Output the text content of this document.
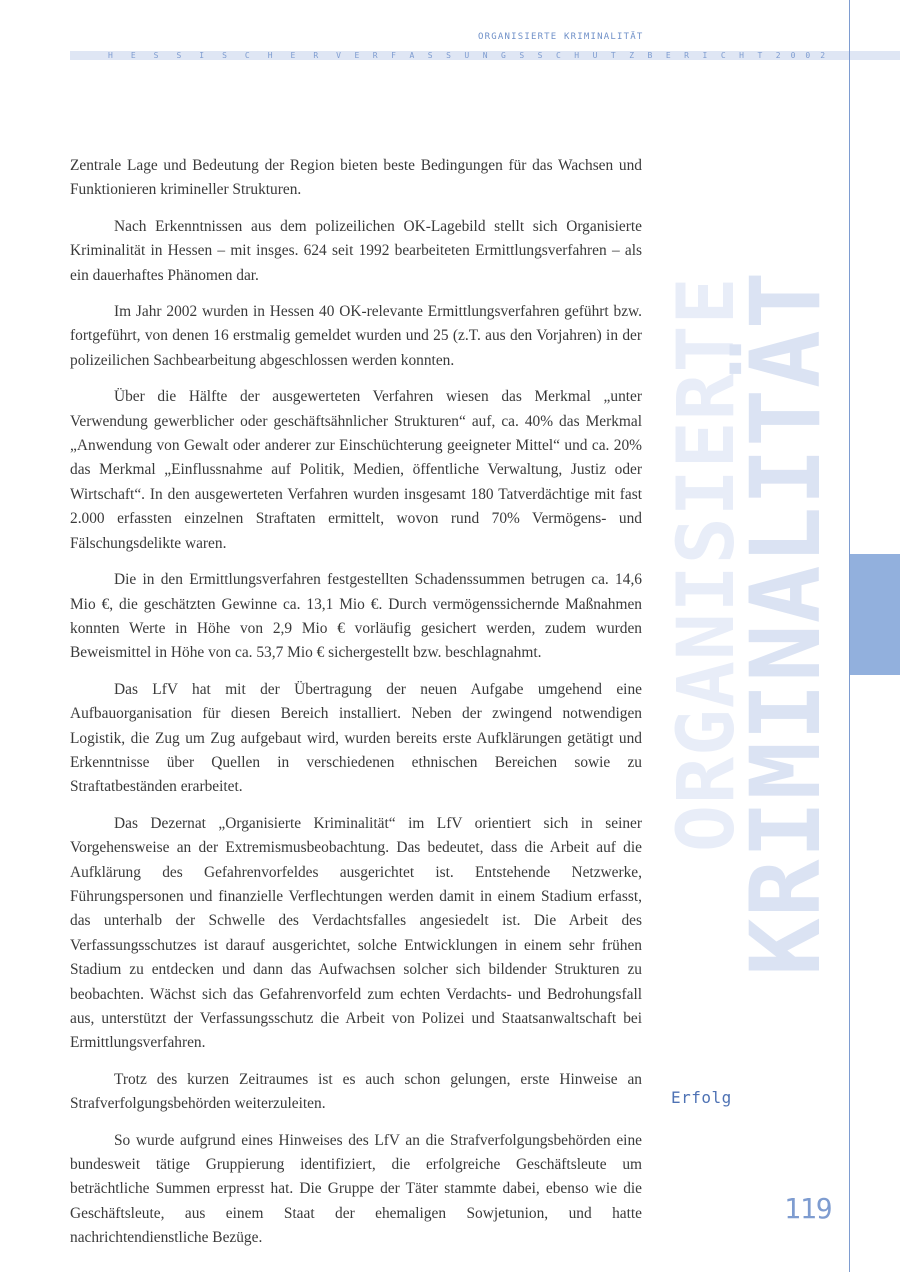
ORGANISIERTE KRIMINALITÄT
HESSISCHER VERFASSUNGSSCHUTZBERICHT 2002
ORGANISIERTE
KRIMINALITÄT

Zentrale Lage und Bedeutung der Region bieten beste Bedingungen für das Wachsen und Funktionieren krimineller Strukturen.

Nach Erkenntnissen aus dem polizeilichen OK-Lagebild stellt sich Organisierte Kriminalität in Hessen – mit insges. 624 seit 1992 bearbeiteten Ermittlungsverfahren – als ein dauerhaftes Phänomen dar.

Im Jahr 2002 wurden in Hessen 40 OK-relevante Ermittlungsverfahren geführt bzw. fortgeführt, von denen 16 erstmalig gemeldet wurden und 25 (z.T. aus den Vorjahren) in der polizeilichen Sachbearbeitung abgeschlossen werden konnten.

Über die Hälfte der ausgewerteten Verfahren wiesen das Merkmal „unter Verwendung gewerblicher oder geschäftsähnlicher Strukturen“ auf, ca. 40% das Merkmal „Anwendung von Gewalt oder anderer zur Einschüchterung geeigneter Mittel“ und ca. 20% das Merkmal „Einflussnahme auf Politik, Medien, öffentliche Verwaltung, Justiz oder Wirtschaft“. In den ausgewerteten Verfahren wurden insgesamt 180 Tatverdächtige mit fast 2.000 erfassten einzelnen Straftaten ermittelt, wovon rund 70% Vermögens- und Fälschungsdelikte waren.

Die in den Ermittlungsverfahren festgestellten Schadenssummen betrugen ca. 14,6 Mio €, die geschätzten Gewinne ca. 13,1 Mio €. Durch vermögenssichernde Maßnahmen konnten Werte in Höhe von 2,9 Mio € vorläufig gesichert werden, zudem wurden Beweismittel in Höhe von ca. 53,7 Mio € sichergestellt bzw. beschlagnahmt.

Das LfV hat mit der Übertragung der neuen Aufgabe umgehend eine Aufbauorganisation für diesen Bereich installiert. Neben der zwingend notwendigen Logistik, die Zug um Zug aufgebaut wird, wurden bereits erste Aufklärungen getätigt und Erkenntnisse über Quellen in verschiedenen ethnischen Bereichen sowie zu Straftatbeständen erarbeitet.

Das Dezernat „Organisierte Kriminalität“ im LfV orientiert sich in seiner Vorgehensweise an der Extremismusbeobachtung. Das bedeutet, dass die Arbeit auf die Aufklärung des Gefahrenvorfeldes ausgerichtet ist. Entstehende Netzwerke, Führungspersonen und finanzielle Verflechtungen werden damit in einem Stadium erfasst, das unterhalb der Schwelle des Verdachtsfalles angesiedelt ist. Die Arbeit des Verfassungsschutzes ist darauf ausgerichtet, solche Entwicklungen in einem sehr frühen Stadium zu entdecken und dann das Aufwachsen solcher sich bildender Strukturen zu beobachten. Wächst sich das Gefahrenvorfeld zum echten Verdachts- und Bedrohungsfall aus, unterstützt der Verfassungsschutz die Arbeit von Polizei und Staatsanwaltschaft bei Ermittlungsverfahren.

Trotz des kurzen Zeitraumes ist es auch schon gelungen, erste Hinweise an Strafverfolgungsbehörden weiterzuleiten.

So wurde aufgrund eines Hinweises des LfV an die Strafverfolgungsbehörden eine bundesweit tätige Gruppierung identifiziert, die erfolgreiche Geschäftsleute um beträchtliche Summen erpresst hat. Die Gruppe der Täter stammte dabei, ebenso wie die Geschäftsleute, aus einem Staat der ehemaligen Sowjetunion, und hatte nachrichtendienstliche Bezüge.

Erfolg
119
